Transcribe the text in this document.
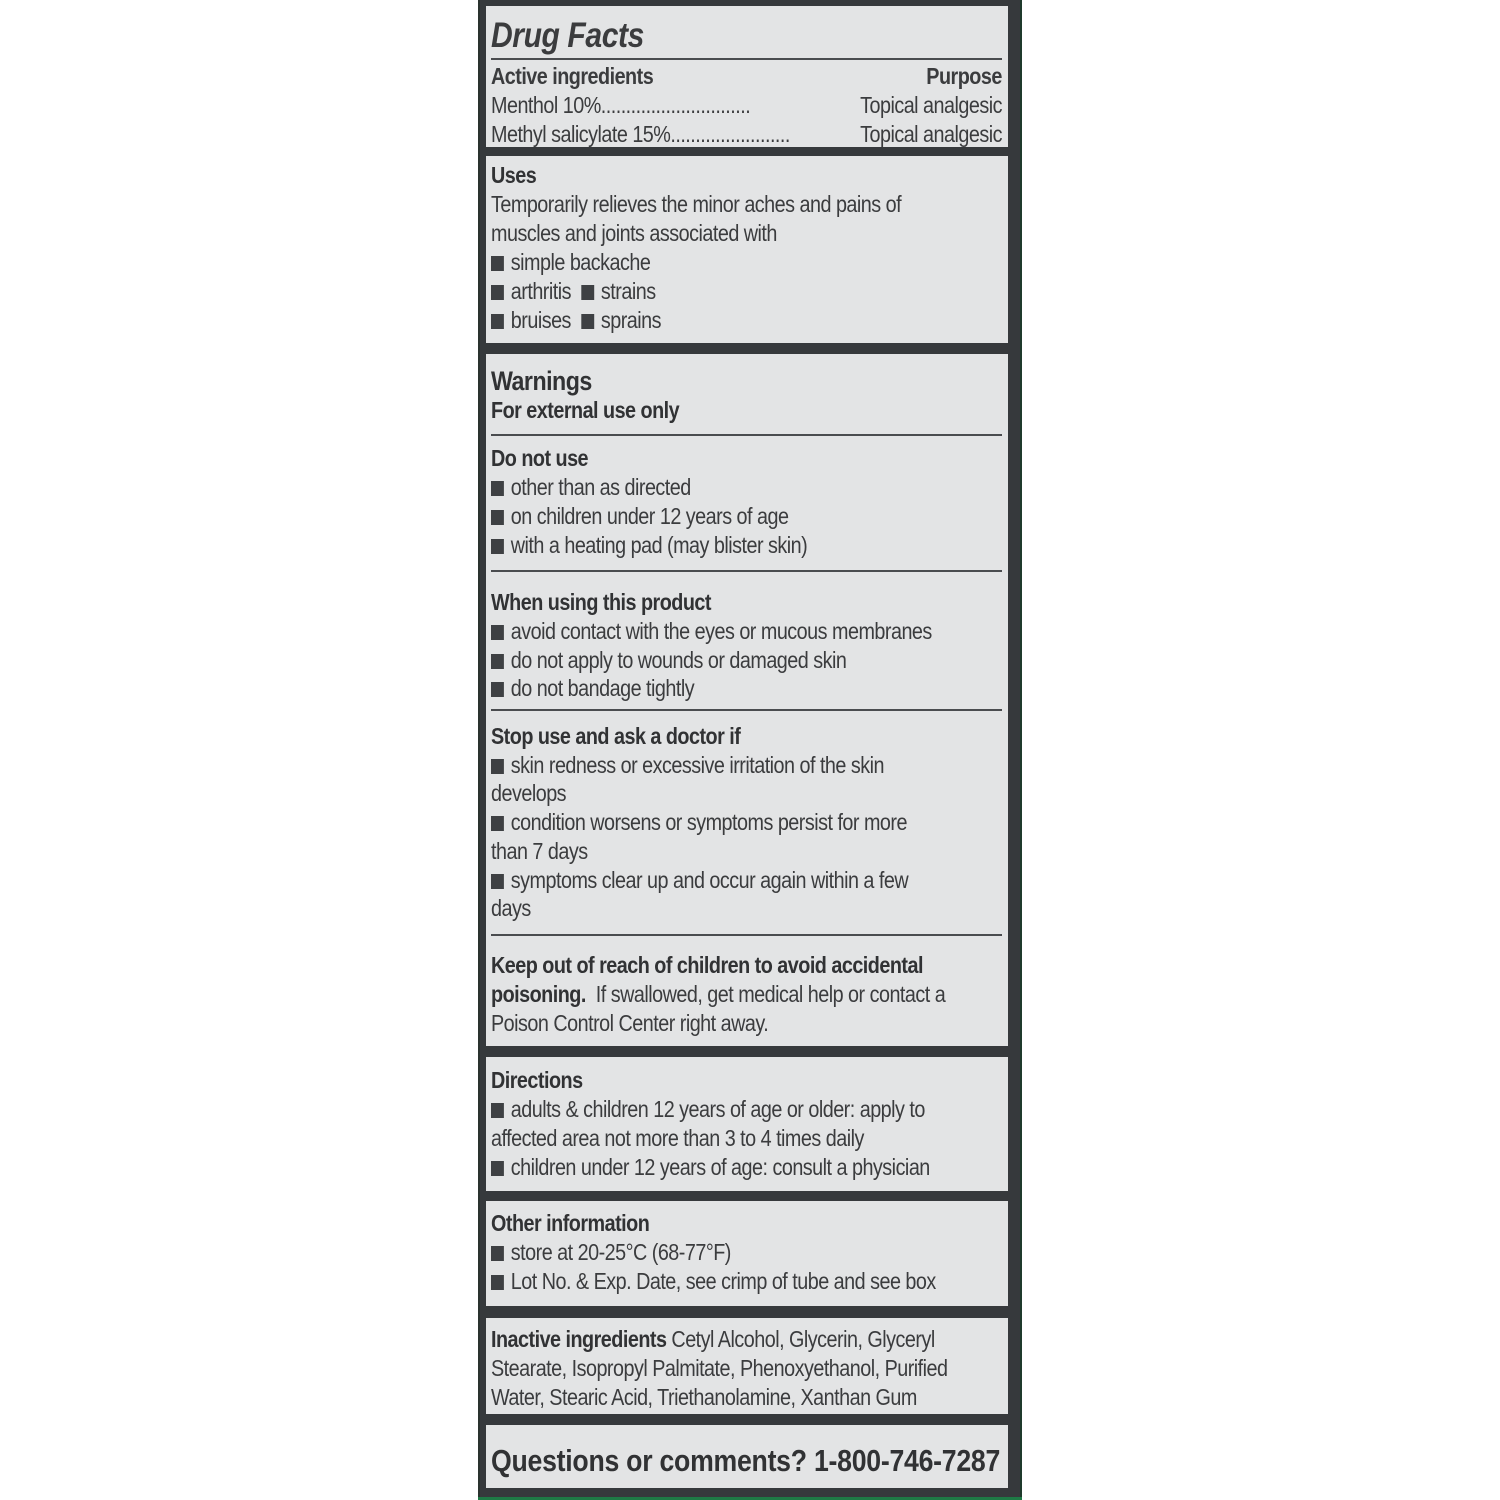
Drug Facts
Active ingredients	Purpose
Menthol 10%..............................	Topical analgesic
Methyl salicylate 15%........................	Topical analgesic
Uses
Temporarily relieves the minor aches and pains of
muscles and joints associated with
simple backache
arthritis strains
bruises sprains
Warnings
For external use only
Do not use
other than as directed
on children under 12 years of age
with a heating pad (may blister skin)
When using this product
avoid contact with the eyes or mucous membranes
do not apply to wounds or damaged skin
do not bandage tightly
Stop use and ask a doctor if
skin redness or excessive irritation of the skin
develops
condition worsens or symptoms persist for more
than 7 days
symptoms clear up and occur again within a few
days
Keep out of reach of children to avoid accidental
poisoning.  If swallowed, get medical help or contact a
Poison Control Center right away.
Directions
adults & children 12 years of age or older: apply to
affected area not more than 3 to 4 times daily
children under 12 years of age: consult a physician
Other information
store at 20-25°C (68-77°F)
Lot No. & Exp. Date, see crimp of tube and see box
Inactive ingredients Cetyl Alcohol, Glycerin, Glyceryl
Stearate, Isopropyl Palmitate, Phenoxyethanol, Purified
Water, Stearic Acid, Triethanolamine, Xanthan Gum
Questions or comments? 1-800-746-7287
